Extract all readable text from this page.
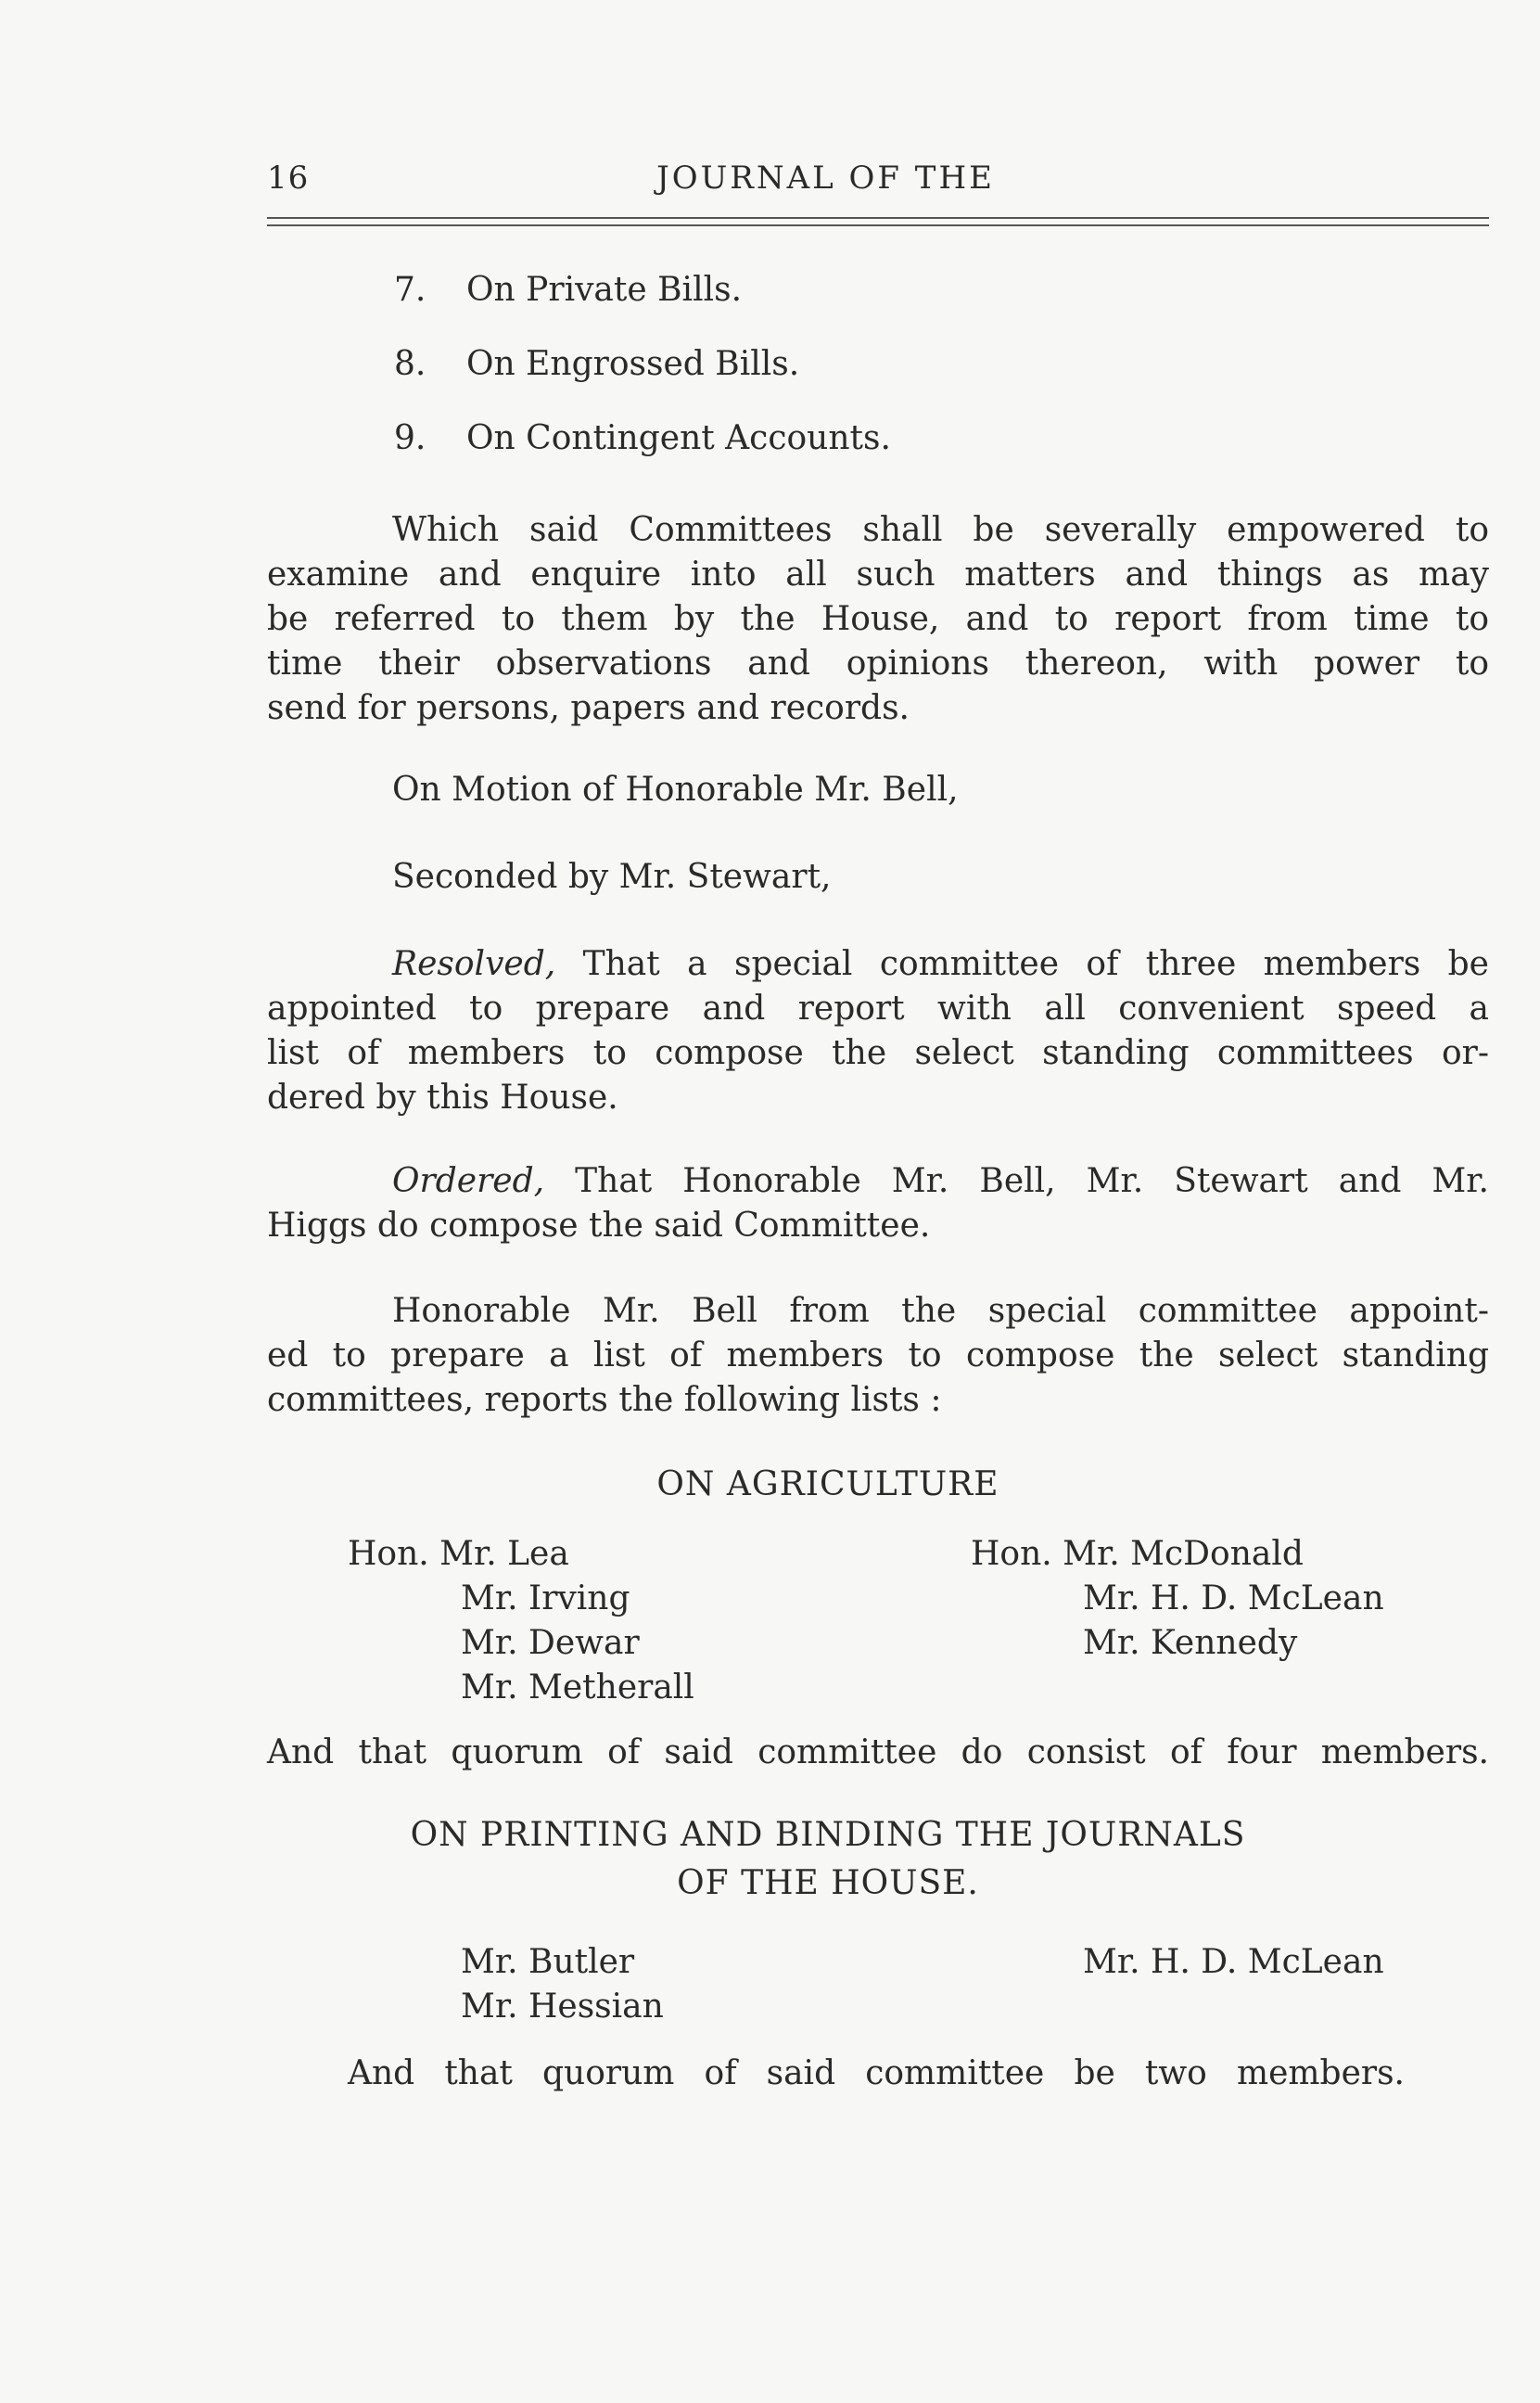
16	JOURNAL OF THE
7. On Private Bills.
8. On Engrossed Bills.
9. On Contingent Accounts.
Which said Committees shall be severally empowered to
examine and enquire into all such matters and things as may
be referred to them by the House, and to report from time to
time their observations and opinions thereon, with power to
send for persons, papers and records.
On Motion of Honorable Mr. Bell,
Seconded by Mr. Stewart,
Resolved, That a special committee of three members be
appointed to prepare and report with all convenient speed a
list of members to compose the select standing committees or-
dered by this House.
Ordered, That Honorable Mr. Bell, Mr. Stewart and Mr.
Higgs do compose the said Committee.
Honorable Mr. Bell from the special committee appoint-
ed to prepare a list of members to compose the select standing
committees, reports the following lists :
ON AGRICULTURE
Hon. Mr. Lea
Mr. Irving
Mr. Dewar
Mr. Metherall
Hon. Mr. McDonald
Mr. H. D. McLean
Mr. Kennedy
And that quorum of said committee do consist of four members.
ON PRINTING AND BINDING THE JOURNALS
OF THE HOUSE.
Mr. Butler
Mr. Hessian
Mr. H. D. McLean
And that quorum of said committee be two members.
